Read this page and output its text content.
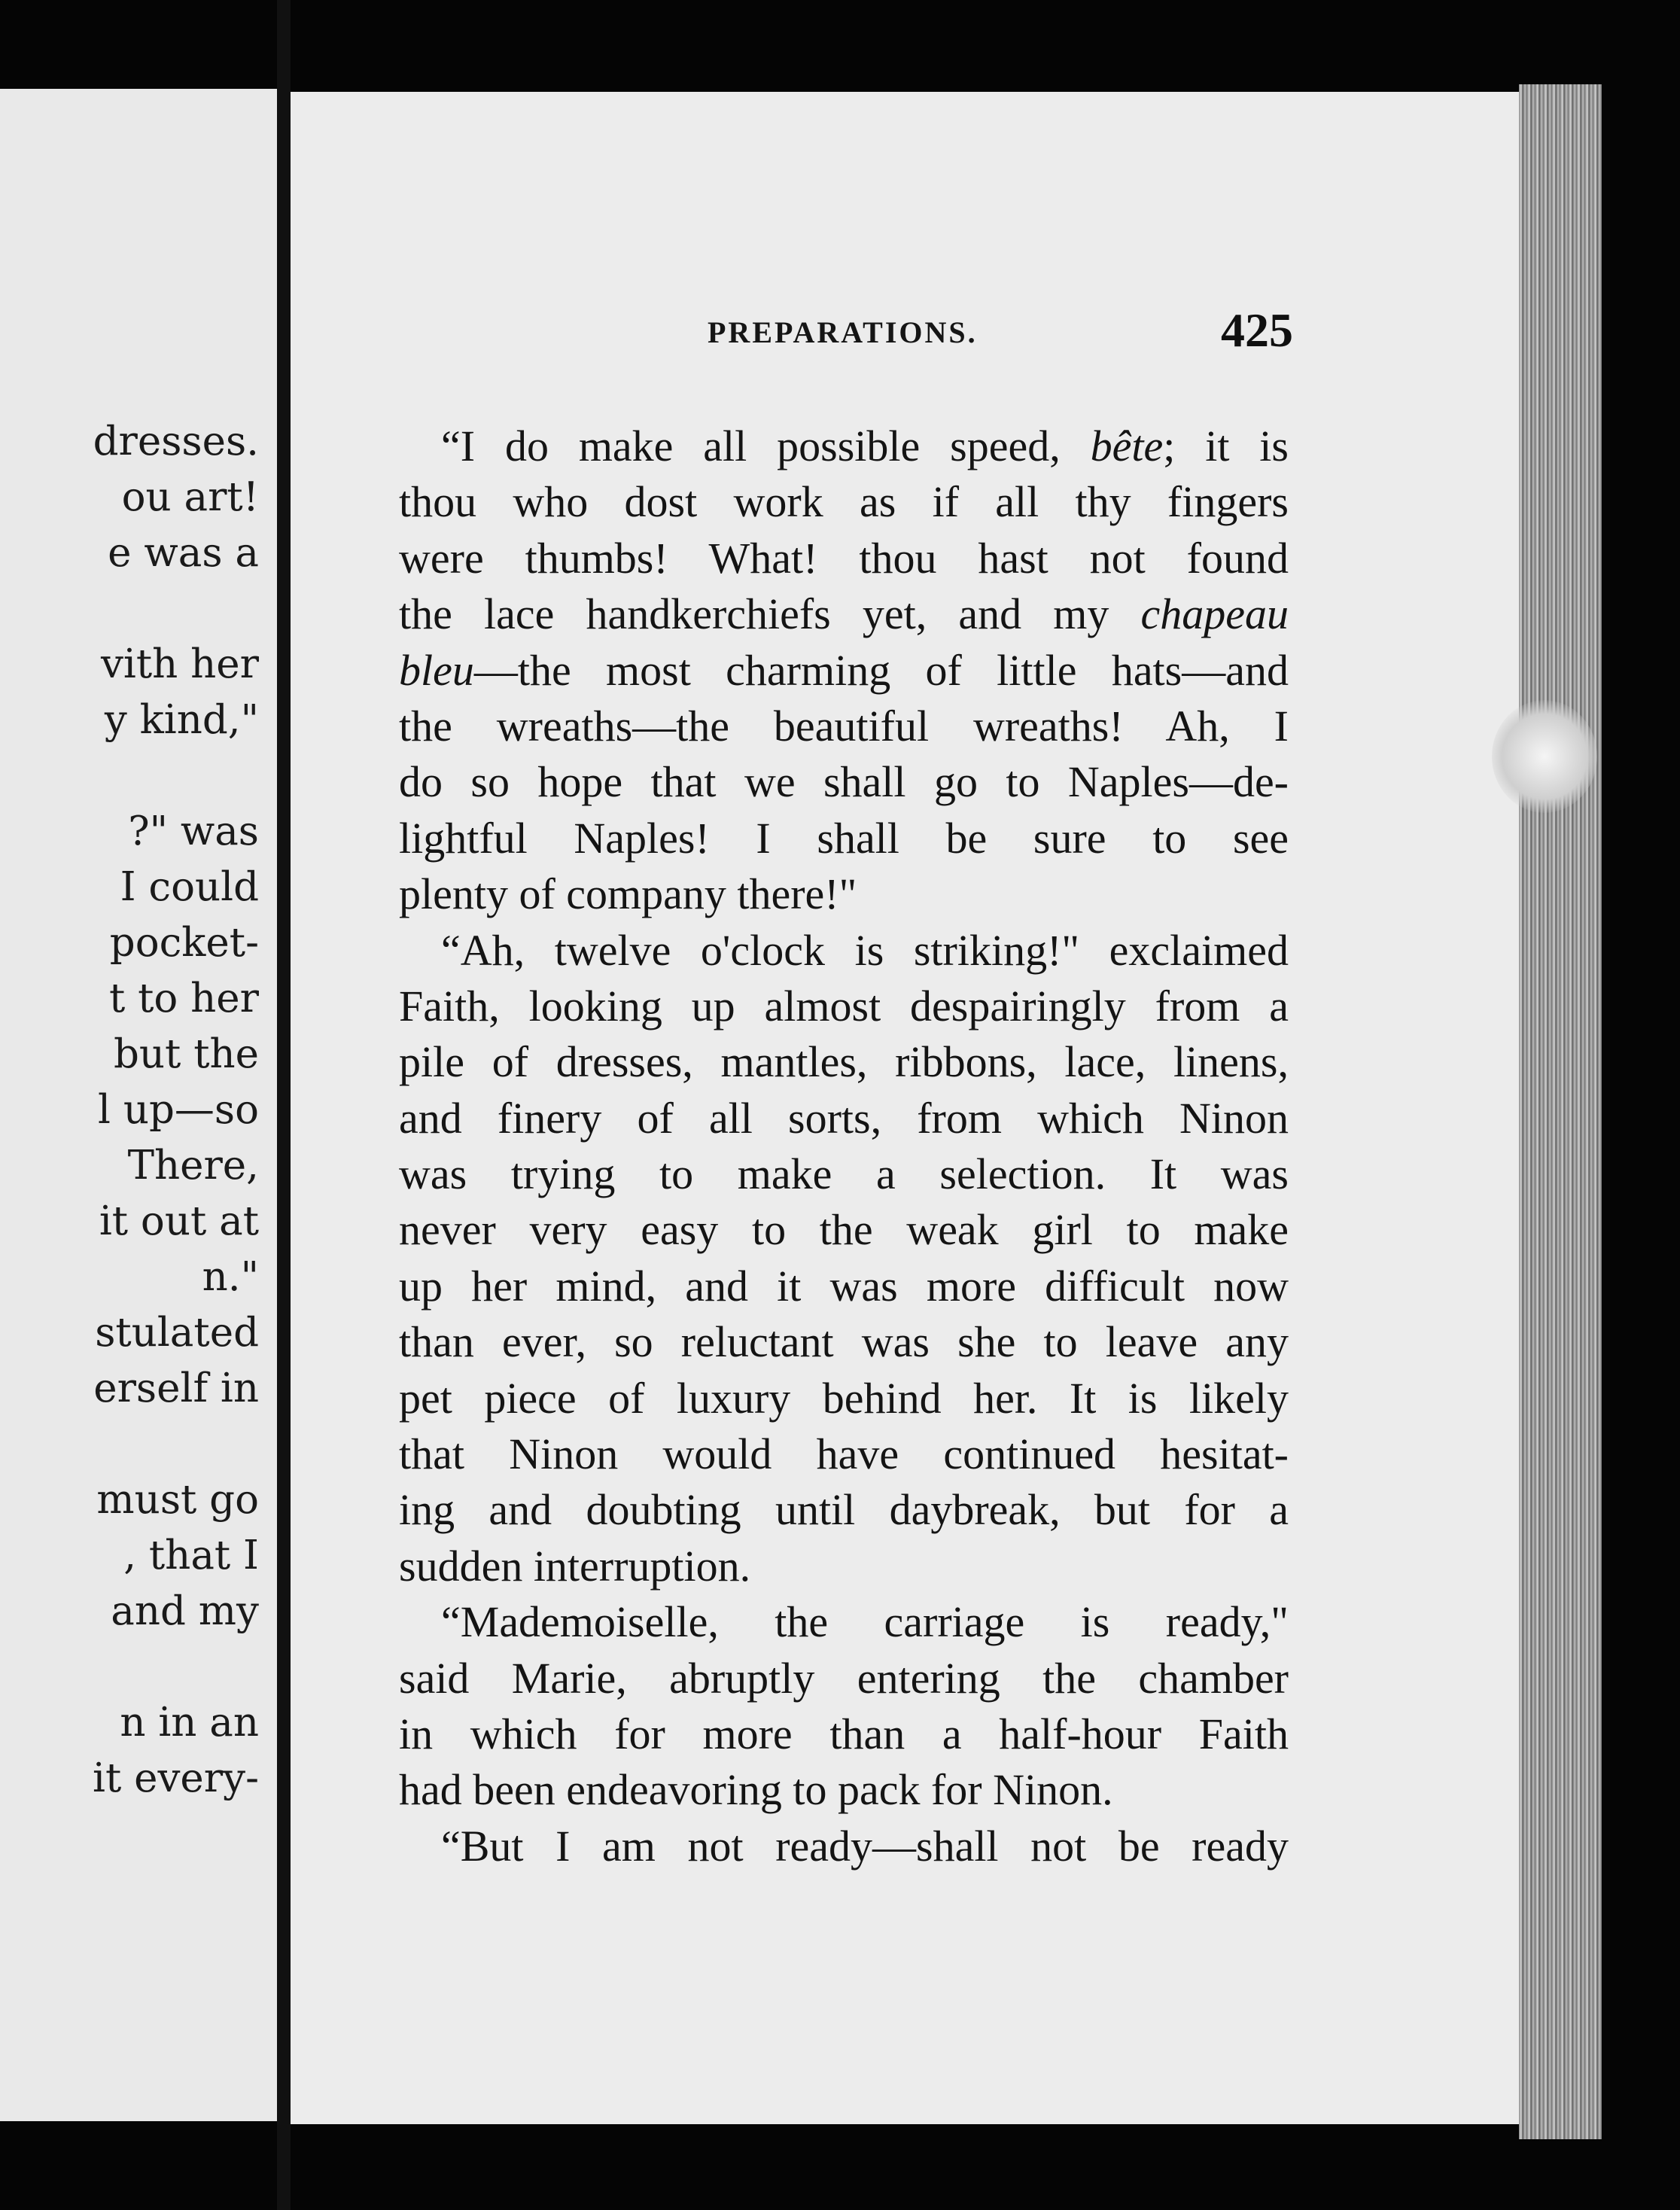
dresses.
ou art!
e was a
vith her
y kind,"
?" was
I could
pocket-
t to her
but the
l up—so
There,
it out at
n."
stulated
erself in
must go
, that I
and my
n in an
it every-
PREPARATIONS.	425
“I do make all possible speed, bête; it is
thou who dost work as if all thy fingers
were thumbs! What! thou hast not found
the lace handkerchiefs yet, and my chapeau
bleu—the most charming of little hats—and
the wreaths—the beautiful wreaths! Ah, I
do so hope that we shall go to Naples—de-
lightful Naples! I shall be sure to see
plenty of company there!"
“Ah, twelve o'clock is striking!" exclaimed
Faith, looking up almost despairingly from a
pile of dresses, mantles, ribbons, lace, linens,
and finery of all sorts, from which Ninon
was trying to make a selection. It was
never very easy to the weak girl to make
up her mind, and it was more difficult now
than ever, so reluctant was she to leave any
pet piece of luxury behind her. It is likely
that Ninon would have continued hesitat-
ing and doubting until daybreak, but for a
sudden interruption.
“Mademoiselle, the carriage is ready,"
said Marie, abruptly entering the chamber
in which for more than a half-hour Faith
had been endeavoring to pack for Ninon.
“But I am not ready—shall not be ready
